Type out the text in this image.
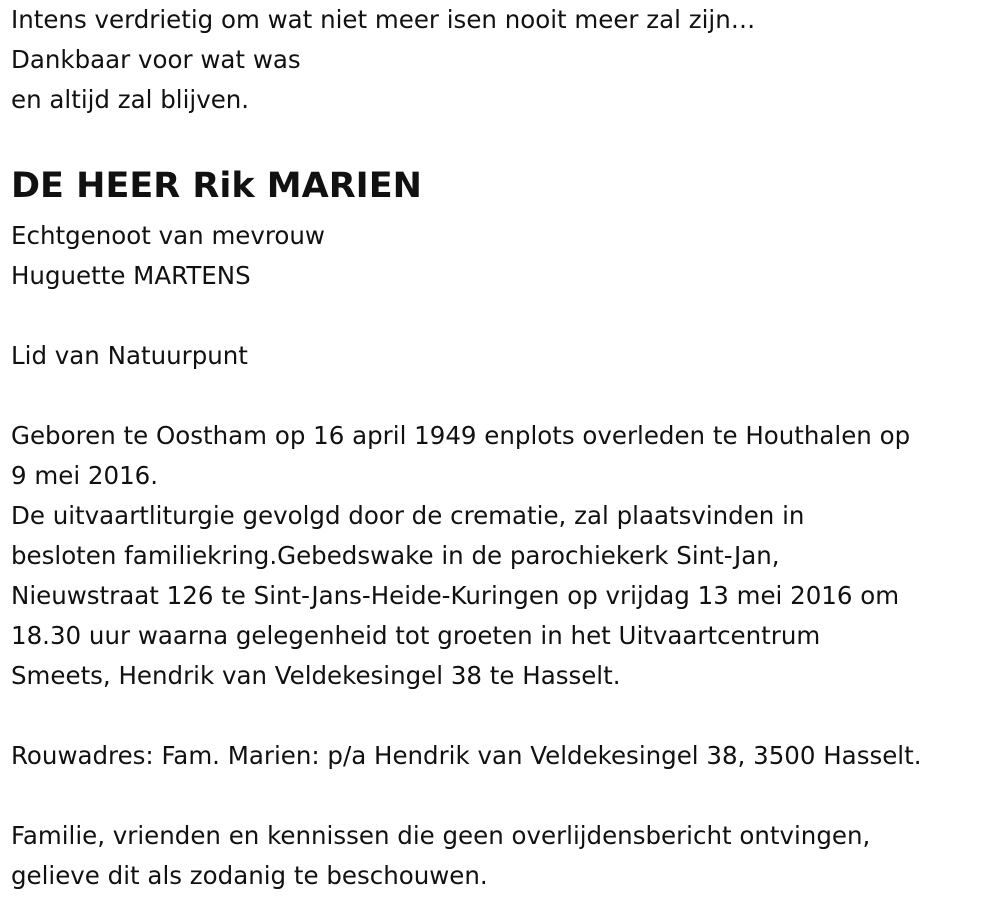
Intens verdrietig om wat niet meer isen nooit meer zal zijn…
Dankbaar voor wat was
en altijd zal blijven.
DE HEER Rik MARIEN
Echtgenoot van mevrouw
Huguette MARTENS
Lid van Natuurpunt
Geboren te Oostham op 16 april 1949 enplots overleden te Houthalen op
9 mei 2016.
De uitvaartliturgie gevolgd door de crematie, zal plaatsvinden in
besloten familiekring.Gebedswake in de parochiekerk Sint-Jan,
Nieuwstraat 126 te Sint-Jans-Heide-Kuringen op vrijdag 13 mei 2016 om
18.30 uur waarna gelegenheid tot groeten in het Uitvaartcentrum
Smeets, Hendrik van Veldekesingel 38 te Hasselt.
Rouwadres: Fam. Marien: p/a Hendrik van Veldekesingel 38, 3500 Hasselt.
Familie, vrienden en kennissen die geen overlijdensbericht ontvingen,
gelieve dit als zodanig te beschouwen.
